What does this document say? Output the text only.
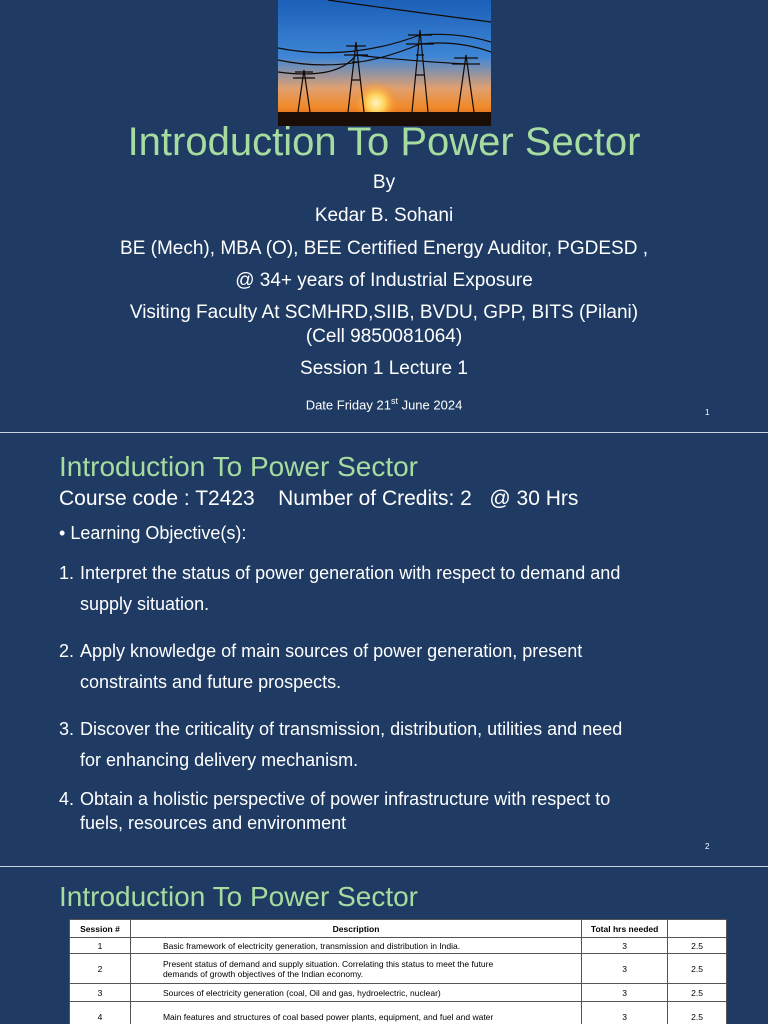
Introduction To Power Sector
By
Kedar B. Sohani
BE (Mech), MBA (O), BEE Certified Energy Auditor, PGDESD ,
@ 34+ years of Industrial Exposure
Visiting Faculty At SCMHRD,SIIB, BVDU, GPP, BITS (Pilani)
(Cell 9850081064)
Session 1 Lecture 1
Date Friday 21st June 2024
1
Introduction To Power Sector
Course code : T2423 Number of Credits: 2 @ 30 Hrs
• Learning Objective(s):
1. Interpret the status of power generation with respect to demand and
supply situation.
2. Apply knowledge of main sources of power generation, present
constraints and future prospects.
3. Discover the criticality of transmission, distribution, utilities and need
for enhancing delivery mechanism.
4. Obtain a holistic perspective of power infrastructure with respect to
fuels, resources and environment
2
Introduction To Power Sector
Session #	Description	Total hrs needed	
1	Basic framework of electricity generation, transmission and distribution in India.	3	2.5
2	Present status of demand and supply situation. Correlating this status to meet the future
demands of growth objectives of the Indian economy.	3	2.5
3	Sources of electricity generation (coal, Oil and gas, hydroelectric, nuclear)	3	2.5
4	Main features and structures of coal based power plants, equipment, and fuel and water	3	2.5
